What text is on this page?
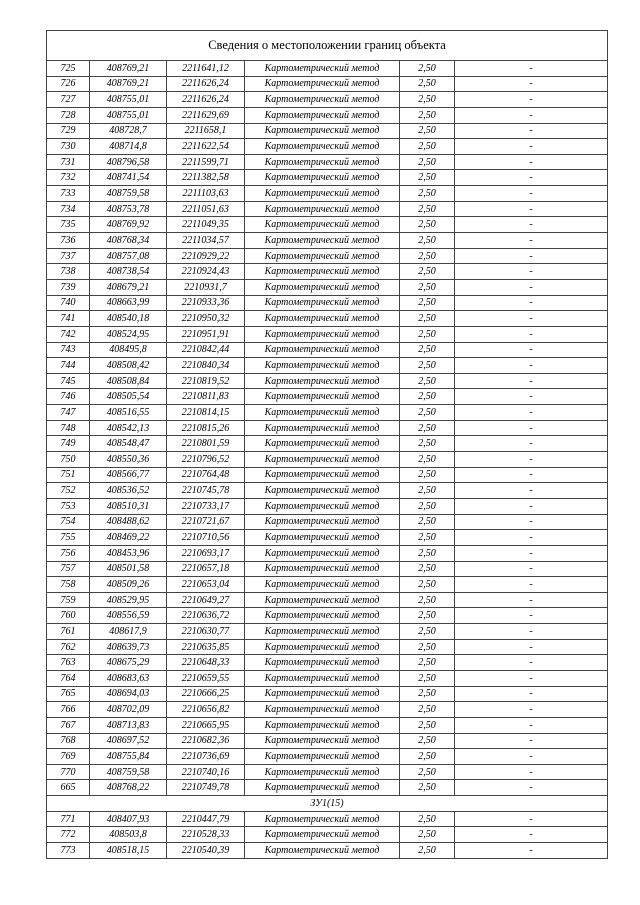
Сведения о местоположении границ объекта					
725	408769,21	2211641,12	Картометрический метод	2,50	-
726	408769,21	2211626,24	Картометрический метод	2,50	-
727	408755,01	2211626,24	Картометрический метод	2,50	-
728	408755,01	2211629,69	Картометрический метод	2,50	-
729	408728,7	2211658,1	Картометрический метод	2,50	-
730	408714,8	2211622,54	Картометрический метод	2,50	-
731	408796,58	2211599,71	Картометрический метод	2,50	-
732	408741,54	2211382,58	Картометрический метод	2,50	-
733	408759,58	2211103,63	Картометрический метод	2,50	-
734	408753,78	2211051,63	Картометрический метод	2,50	-
735	408769,92	2211049,35	Картометрический метод	2,50	-
736	408768,34	2211034,57	Картометрический метод	2,50	-
737	408757,08	2210929,22	Картометрический метод	2,50	-
738	408738,54	2210924,43	Картометрический метод	2,50	-
739	408679,21	2210931,7	Картометрический метод	2,50	-
740	408663,99	2210933,36	Картометрический метод	2,50	-
741	408540,18	2210950,32	Картометрический метод	2,50	-
742	408524,95	2210951,91	Картометрический метод	2,50	-
743	408495,8	2210842,44	Картометрический метод	2,50	-
744	408508,42	2210840,34	Картометрический метод	2,50	-
745	408508,84	2210819,52	Картометрический метод	2,50	-
746	408505,54	2210811,83	Картометрический метод	2,50	-
747	408516,55	2210814,15	Картометрический метод	2,50	-
748	408542,13	2210815,26	Картометрический метод	2,50	-
749	408548,47	2210801,59	Картометрический метод	2,50	-
750	408550,36	2210796,52	Картометрический метод	2,50	-
751	408566,77	2210764,48	Картометрический метод	2,50	-
752	408536,52	2210745,78	Картометрический метод	2,50	-
753	408510,31	2210733,17	Картометрический метод	2,50	-
754	408488,62	2210721,67	Картометрический метод	2,50	-
755	408469,22	2210710,56	Картометрический метод	2,50	-
756	408453,96	2210693,17	Картометрический метод	2,50	-
757	408501,58	2210657,18	Картометрический метод	2,50	-
758	408509,26	2210653,04	Картометрический метод	2,50	-
759	408529,95	2210649,27	Картометрический метод	2,50	-
760	408556,59	2210636,72	Картометрический метод	2,50	-
761	408617,9	2210630,77	Картометрический метод	2,50	-
762	408639,73	2210635,85	Картометрический метод	2,50	-
763	408675,29	2210648,33	Картометрический метод	2,50	-
764	408683,63	2210659,55	Картометрический метод	2,50	-
765	408694,03	2210666,25	Картометрический метод	2,50	-
766	408702,09	2210656,82	Картометрический метод	2,50	-
767	408713,83	2210665,95	Картометрический метод	2,50	-
768	408697,52	2210682,36	Картометрический метод	2,50	-
769	408755,84	2210736,69	Картометрический метод	2,50	-
770	408759,58	2210740,16	Картометрический метод	2,50	-
665	408768,22	2210749,78	Картометрический метод	2,50	-
ЗУ1(15)					
771	408407,93	2210447,79	Картометрический метод	2,50	-
772	408503,8	2210528,33	Картометрический метод	2,50	-
773	408518,15	2210540,39	Картометрический метод	2,50	-
